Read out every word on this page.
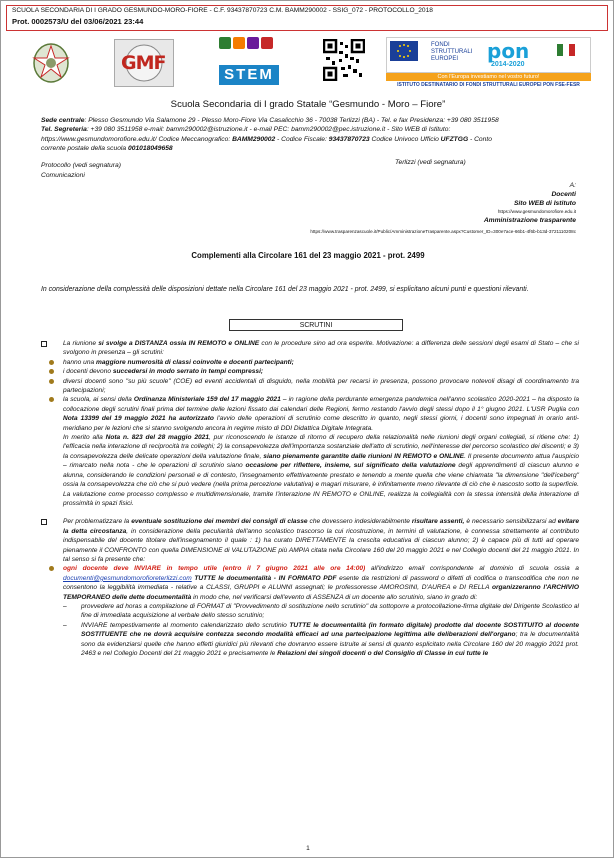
SCUOLA SECONDARIA DI I GRADO GESMUNDO-MORO-FIORE - C.F. 93437870723 C.M. BAMM290002 - SSIG_072 - PROTOCOLLO_2018
Prot. 0002573/U del 03/06/2021 23:44
GMF
STEM
FONDI
STRUTTURALI
EUROPEI	pon
2014-2020
Con l'Europa investiamo nel vostro futuro!
ISTITUTO DESTINATARIO DI FONDI STRUTTURALI EUROPEI PON FSE-FESR
Scuola Secondaria di I grado Statale “Gesmundo - Moro – Fiore”
Sede centrale: Plesso Gesmundo Via Salamone 29 - Plesso Moro-Fiore Via Casalicchio 36 - 70038 Terlizzi (BA) - Tel. e fax Presidenza: +39 080 3511958
Tel. Segreteria: +39 080 3511958 e-mail: bamm290002@istruzione.it - e-mail PEC: bamm290002@pec.istruzione.it - Sito WEB di Istituto:
https://www.gesmundomorofiore.edu.it/ Codice Meccanografico: BAMM290002 - Codice Fiscale: 93437870723 Codice Univoco Ufficio UFZTGG - Conto
corrente postale della scuola 001018049658
Terlizzi (vedi segnatura)
Protocollo (vedi segnatura)
Comunicazioni
A:
Docenti
Sito WEB di Istituto
https://www.gesmundomorofiore.edu.it
Amministrazione trasparente
https://www.trasparenzascuole.it/Public/AmministrazioneTrasparente.aspx?Customer_ID=300e7ace-66b1-4f6b-b13d-3721110208c
Complementi alla Circolare 161 del 23 maggio 2021 - prot. 2499
In considerazione della complessità delle disposizioni dettate nella Circolare 161 del 23 maggio 2021 - prot. 2499, si esplicitano alcuni punti e questioni rilevanti.
SCRUTINI
La riunione si svolge a DISTANZA ossia IN REMOTO e ONLINE con le procedure sino ad ora esperite. Motivazione: a differenza delle sessioni degli esami di Stato – che si svolgono in presenza – gli scrutini:
hanno una maggiore numerosità di classi coinvolte e docenti partecipanti;
i docenti devono succedersi in modo serrato in tempi compressi;
diversi docenti sono "su più scuole" (COE) ed eventi accidentali di disguido, nella mobilità per recarsi in presenza, possono provocare notevoli disagi di coordinamento tra partecipazioni;
la scuola, ai sensi della Ordinanza Ministeriale 159 del 17 maggio 2021 – in ragione della perdurante emergenza pandemica nell'anno scolastico 2020-2021 – ha disposto la collocazione degli scrutini finali prima del termine delle lezioni fissato dai calendari delle Regioni, fermo restando l'avvio degli stessi dopo il 1° giugno 2021. L'USR Puglia con Nota 13399 del 19 maggio 2021 ha autorizzato l'avvio delle operazioni di scrutinio come descritto in quanto, negli stessi giorni, i docenti sono impegnati in orario anti-meridiano per le lezioni che si stanno svolgendo ancora in regime misto di DDI Didattica Digitale Integrata.
In merito alla Nota n. 823 del 28 maggio 2021, pur riconoscendo le istanze di ritorno di recupero della relazionalità nelle riunioni degli organi collegiali, si ritiene che: 1) l'efficacia nella interazione di reciprocità tra colleghi; 2) la consapevolezza dell'importanza sostanziale dell'atto di scrutinio, nell'interesse del percorso scolastico dei discenti; e 3) la consapevolezza delle delicate operazioni della valutazione finale, siano pienamente garantite dalle riunioni IN REMOTO e ONLINE. Il presente documento attua l'auspicio – rimarcato nella nota - che le operazioni di scrutinio siano occasione per riflettere, insieme, sul significato della valutazione degli apprendimenti di ciascun alunno e alunna, considerando le condizioni personali e di contesto, l'insegnamento effettivamente prestato e tenendo a mente quella che viene chiamata "la dimensione "dell'iceberg" ossia la consapevolezza che ciò che si può vedere (nella prima percezione valutativa) e magari misurare, è infinitamente meno rilevante di ciò che è nascosto sotto la superficie. La valutazione come processo complesso e multidimensionale, tramite l'interazione IN REMOTO e ONLINE, realizza la collegialità con la stessa intensità della interazione di prossimità in spazi fisici.
Per problematizzare la eventuale sostituzione dei membri dei consigli di classe che dovessero indesiderabilmente risultare assenti, è necessario sensibilizzarsi ad evitare la detta circostanza, in considerazione della peculiarità dell'anno scolastico trascorso la cui ricostruzione, in termini di valutazione, è connessa strettamente al contributo indispensabile del docente titolare dell'insegnamento il quale : 1) ha curato DIRETTAMENTE la crescita educativa di ciascun alunno; 2) è capace più di tutti ad operare pienamente il CONFRONTO con quella DIMENSIONE di VALUTAZIONE più AMPIA citata nella Circolare 160 del 20 maggio 2021 e nel Collegio docenti del 21 maggio 2021. In tal senso si fa presente che:
ogni docente deve INVIARE in tempo utile (entro il 7 giugno 2021 alle ore 14:00) all'indirizzo email corrispondente al dominio di scuola ossia a documenti@gesmundomorofioreterlizzi.com TUTTE le documentalità - IN FORMATO PDF esente da restrizioni di password o difetti di codifica o transcodifica che non ne consentono la leggibilità immediata - relative a CLASSI, GRUPPI e ALUNNI assegnati; le professoresse AMOROSINI, D'AUREA e DI RELLA organizzeranno l'ARCHIVIO TEMPORANEO delle dette documentalità in modo che, nel verificarsi dell'evento di ASSENZA di un docente allo scrutinio, siano in grado di:
– provvedere ad horas a compilazione di FORMAT di "Provvedimento di sostituzione nello scrutinio" da sottoporre a protocollazione-firma digitale del Dirigente Scolastico al fine di immediata acquisizione al verbale dello stesso scrutinio;
– INVIARE tempestivamente al momento calendarizzato dello scrutinio TUTTE le documentalità (in formato digitale) prodotte dal docente SOSTITUITO al docente SOSTITUENTE che ne dovrà acquisire contezza secondo modalità efficaci ad una partecipazione legittima alle deliberazioni dell'organo; tra le documentalità sono da evidenziarsi quelle che hanno effetti giuridici più rilevanti che dovranno essere istruite ai sensi di quanto esplicitato nella Circolare 160 del 20 maggio 2021 prot. 2463 e nel Collegio Docenti del 21 maggio 2021 e precisamente le Relazioni dei singoli docenti o del Consiglio di Classe in cui tutte le
1
